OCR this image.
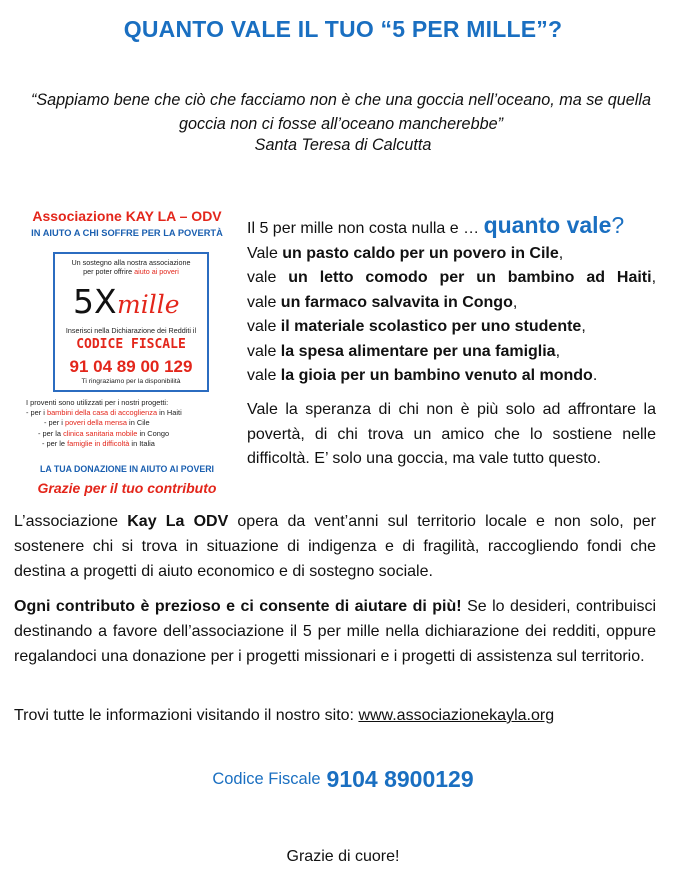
QUANTO VALE IL TUO “5 PER MILLE”?
“Sappiamo bene che ciò che facciamo non è che una goccia nell’oceano, ma se quella goccia non ci fosse all’oceano mancherebbe”
Santa Teresa di Calcutta
Associazione KAY LA – ODV
IN AIUTO A CHI SOFFRE PER LA POVERTÀ
Un sostegno alla nostra associazione
per poter offrire aiuto ai poveri
5X mille
Inserisci nella Dichiarazione dei Redditi il
CODICE FISCALE
91 04 89 00 129
Ti ringraziamo per la disponibilità
I proventi sono utilizzati per i nostri progetti:
- per i bambini della casa di accoglienza in Haiti
- per i poveri della mensa in Cile
- per la clinica sanitaria mobile in Congo
- per le famiglie in difficoltà in Italia
LA TUA DONAZIONE IN AIUTO AI POVERI
Grazie per il tuo contributo
Il 5 per mille non costa nulla e … quanto vale?
Vale un pasto caldo per un povero in Cile,
vale un letto comodo per un bambino ad Haiti,
vale un farmaco salvavita in Congo,
vale il materiale scolastico per uno studente,
vale la spesa alimentare per una famiglia,
vale la gioia per un bambino venuto al mondo.
Vale la speranza di chi non è più solo ad affrontare la povertà, di chi trova un amico che lo sostiene nelle difficoltà. E’ solo una goccia, ma vale tutto questo.
L’associazione Kay La ODV opera da vent’anni sul territorio locale e non solo, per sostenere chi si trova in situazione di indigenza e di fragilità, raccogliendo fondi che destina a progetti di aiuto economico e di sostegno sociale.
Ogni contributo è prezioso e ci consente di aiutare di più! Se lo desideri, contribuisci destinando a favore dell’associazione il 5 per mille nella dichiarazione dei redditi, oppure regalandoci una donazione per i progetti missionari e i progetti di assistenza sul territorio.
Trovi tutte le informazioni visitando il nostro sito: www.associazionekayla.org
Codice Fiscale 9104 8900129
Grazie di cuore!
